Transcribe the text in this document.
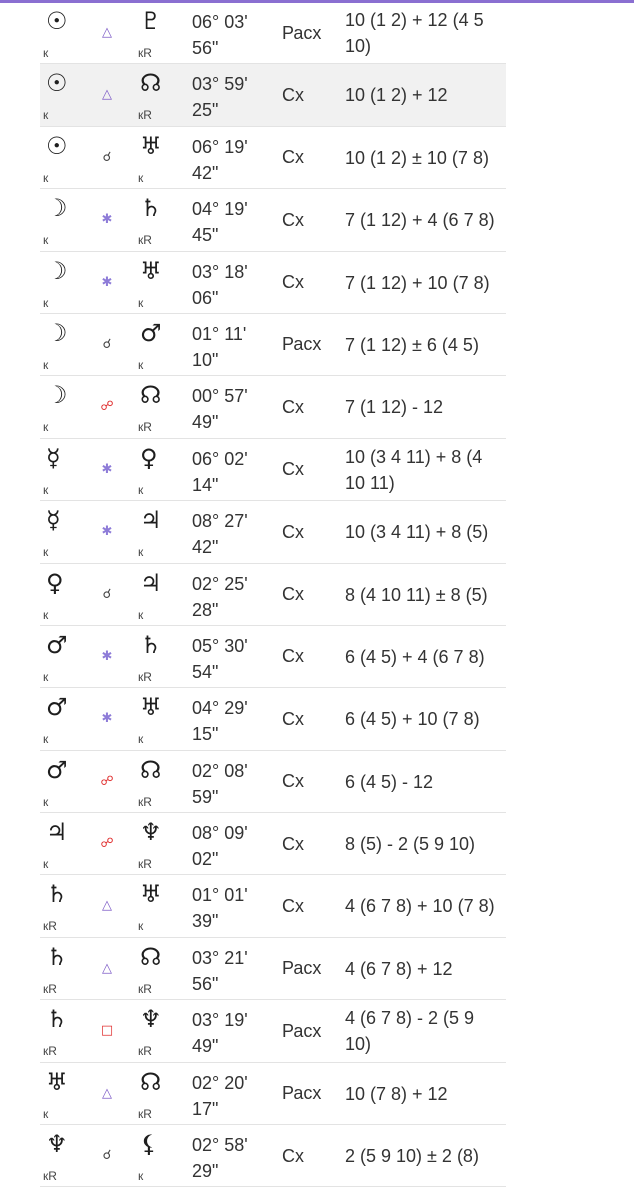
☉
к
△ ♇
кR
06° 03' 56"
Расх
10 (1 2) + 12 (4 5 10)
☉
к
△ ☊
кR
03° 59' 25"
Сх 10 (1 2) + 12
☉
к
☌ ♅
к
06° 19' 42"
Сх 10 (1 2) ± 10 (7 8)
☽
к
✱ ♄
кR
04° 19' 45"
Сх 7 (1 12) + 4 (6 7 8)
☽
к
✱ ♅
к
03° 18' 06"
Сх 7 (1 12) + 10 (7 8)
☽
к
☌ ♂
к
01° 11' 10"
Расх 7 (1 12) ± 6 (4 5)
☽
к
☍ ☊
кR
00° 57' 49"
Сх 7 (1 12) - 12
☿
к
✱ ♀
к
06° 02' 14"
Сх
10 (3 4 11) + 8 (4 10 11)
☿
к
✱ ♃
к
08° 27' 42"
Сх 10 (3 4 11) + 8 (5)
♀
к
☌ ♃
к
02° 25' 28"
Сх 8 (4 10 11) ± 8 (5)
♂
к
✱ ♄
кR
05° 30' 54"
Сх 6 (4 5) + 4 (6 7 8)
♂
к
✱ ♅
к
04° 29' 15"
Сх 6 (4 5) + 10 (7 8)
♂
к
☍ ☊
кR
02° 08' 59"
Сх 6 (4 5) - 12
♃
к
☍ ♆
кR
08° 09' 02"
Сх 8 (5) - 2 (5 9 10)
♄
кR
△ ♅
к
01° 01' 39"
Сх 4 (6 7 8) + 10 (7 8)
♄
кR
△ ☊
кR
03° 21' 56"
Расх 4 (6 7 8) + 12
♄
кR
□ ♆
кR
03° 19' 49"
Расх
4 (6 7 8) - 2 (5 9 10)
♅
к
△ ☊
кR
02° 20' 17"
Расх 10 (7 8) + 12
♆
кR
☌ ⚸
к
02° 58' 29"
Сх 2 (5 9 10) ± 2 (8)
